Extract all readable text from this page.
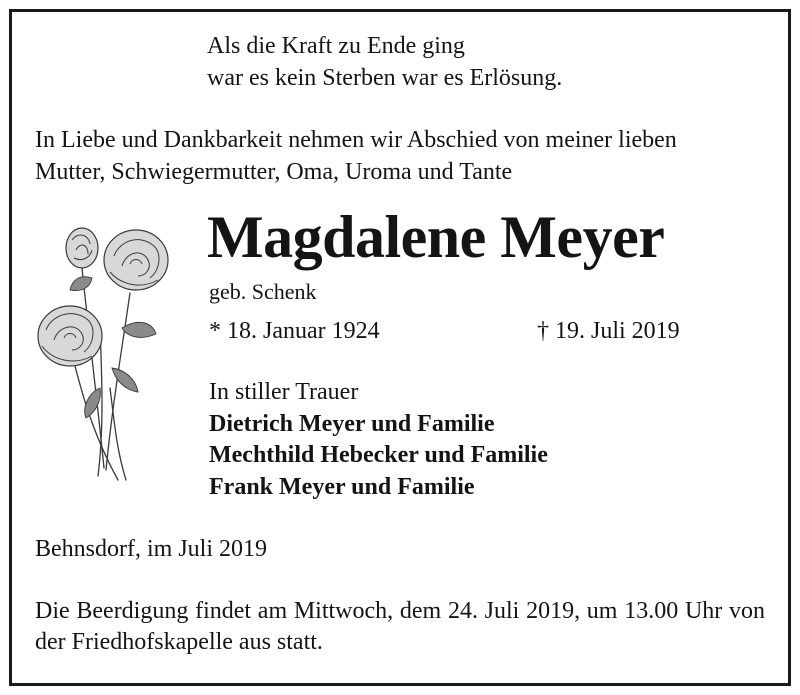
Als die Kraft zu Ende ging

war es kein Sterben war es Erlösung.

In Liebe und Dankbarkeit nehmen wir Abschied von meiner lieben

Mutter, Schwiegermutter, Oma, Uroma und Tante

Magdalene Meyer

geb. Schenk

* 18. Januar 1924	† 19. Juli 2019

In stiller Trauer

Dietrich Meyer und Familie

Mechthild Hebecker und Familie

Frank Meyer und Familie

Behnsdorf, im Juli 2019

Die Beerdigung findet am Mittwoch, dem 24. Juli 2019, um 13.00 Uhr von der Friedhofskapelle aus statt.
